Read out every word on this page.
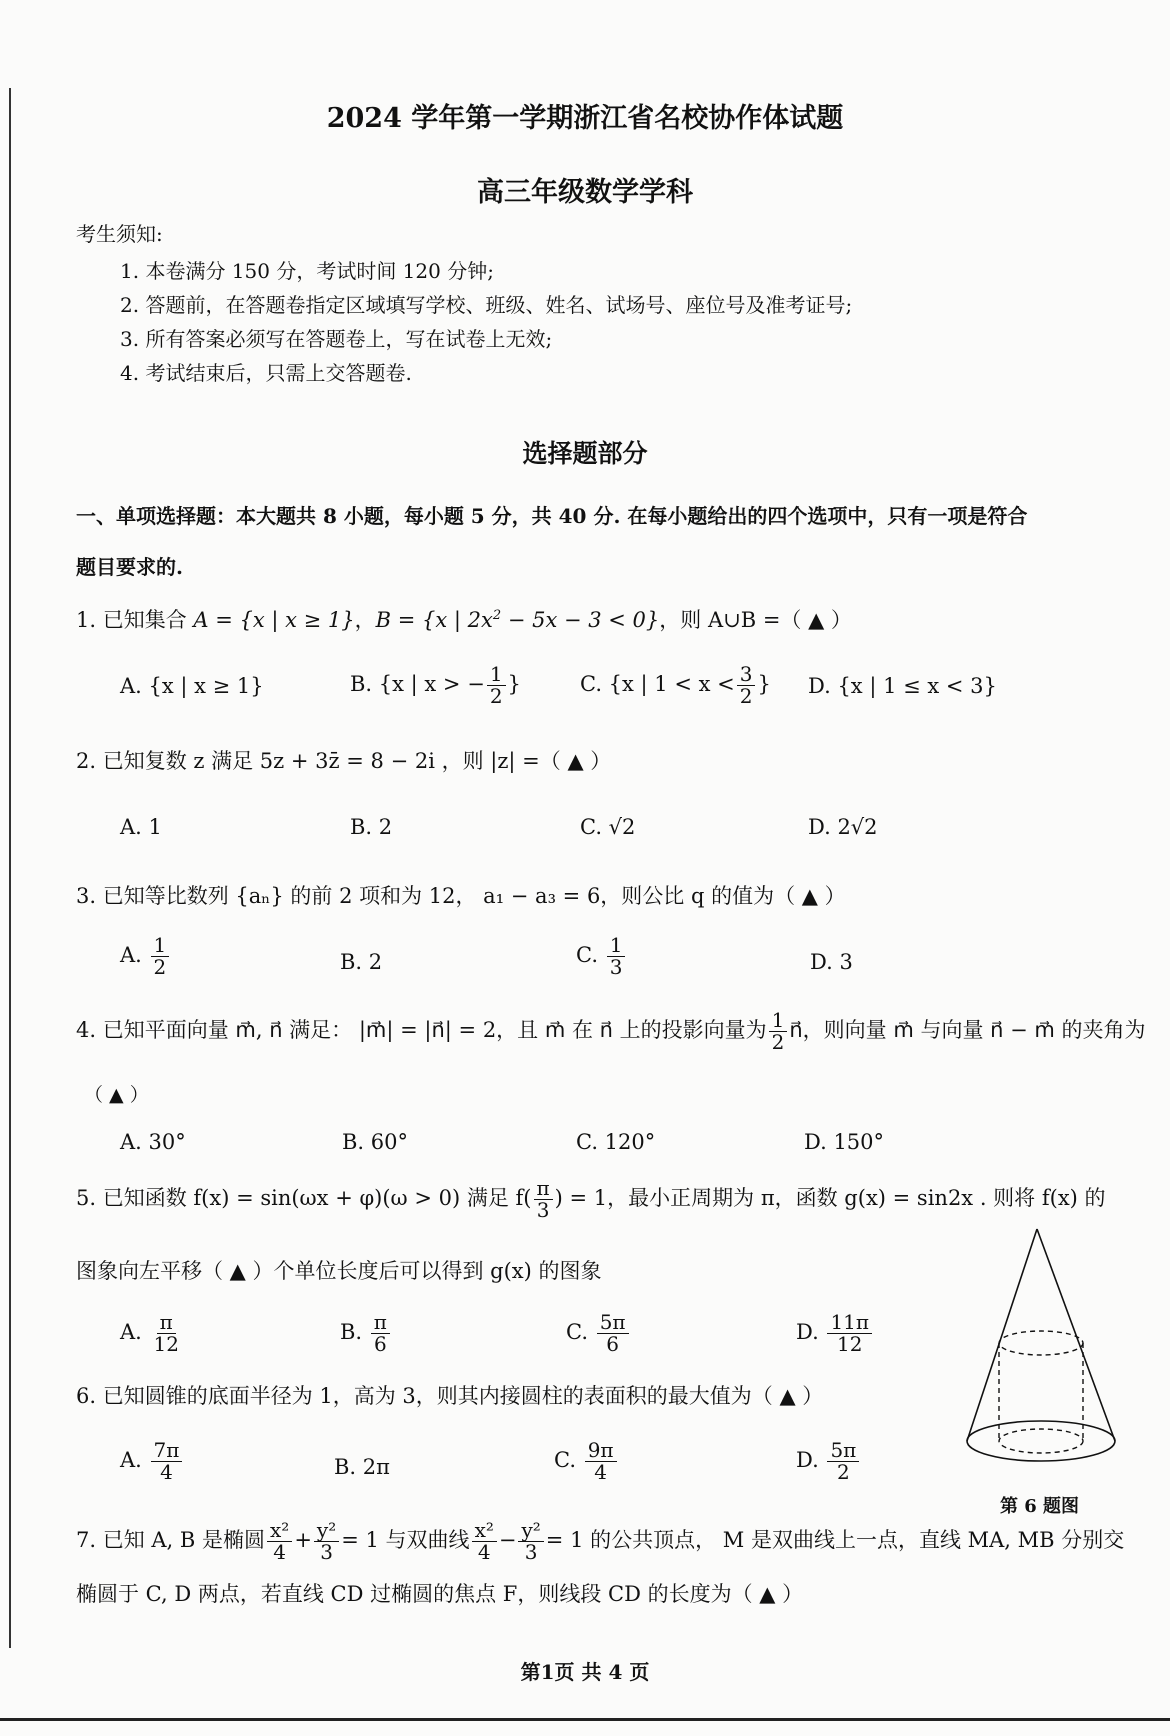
2024 学年第一学期浙江省名校协作体试题
高三年级数学学科
考生须知:
1. 本卷满分 150 分，考试时间 120 分钟;
2. 答题前，在答题卷指定区域填写学校、班级、姓名、试场号、座位号及准考证号;
3. 所有答案必须写在答题卷上，写在试卷上无效;
4. 考试结束后，只需上交答题卷.
选择题部分
一、单项选择题：本大题共 8 小题，每小题 5 分，共 40 分. 在每小题给出的四个选项中，只有一项是符合
题目要求的.
1. 已知集合 A = {x | x ≥ 1}，B = {x | $2x^2 - 5x - 3 < 0$}，则 A∪B =（ ▲ ）
A. {x | x ≥ 1}	B. {x | x > − $\frac{1}{2}$ }	C. {x | $1 < x < \frac{3}{2}$ } D. {x | 1 ≤ x < 3}
2. 已知复数 z 满足 5z + 3z̄ = 8 − 2i ，则 |z| =（ ▲ ）
A. 1	B. 2	C. √2	D. 2√2
3. 已知等比数列 {aₙ} 的前 2 项和为 12， a₁ − a₃ = 6，则公比 q 的值为（ ▲ ）
A. $\frac{1}{2}$	B. 2	C. $\frac{1}{3}$	D. 3
4. 已知平面向量 m⃗, n⃗ 满足： |m⃗| = |n⃗| = 2，且 m⃗ 在 n⃗ 上的投影向量为 $\frac{1}{2}$ n⃗，则向量 m⃗ 与向量 n⃗ − m⃗ 的夹角为
（ ▲ ）
A. 30°	B. 60°	C. 120°	D. 150°
5. 已知函数 f(x) = sin(ωx + φ)(ω > 0) 满足 $f( \frac{\pi}{3}$ ) = 1，最小正周期为 π，函数 g(x) = sin2x . 则将 f(x) 的
图象向左平移（ ▲ ）个单位长度后可以得到 g(x) 的图象
A. $\frac{\pi}{12}$	B. $\frac{\pi}{6}$	C. $\frac{5\pi}{6}$	D. $\frac{11\pi}{12}$
6. 已知圆锥的底面半径为 1，高为 3，则其内接圆柱的表面积的最大值为（ ▲ ）
A. $\frac{7\pi}{4}$	B. 2π	C. $\frac{9\pi}{4}$	D. $\frac{5\pi}{2}$
第 6 题图
7. 已知 A, B 是椭圆 $\frac{\text{x²}}{4} + \frac{\text{y²}}{3} = 1$ 与双曲线 $\frac{\text{x²}}{4} - \frac{\text{y²}}{3} = 1$ 的公共顶点， M 是双曲线上一点，直线 MA, MB 分别交
椭圆于 C, D 两点，若直线 CD 过椭圆的焦点 F，则线段 CD 的长度为（ ▲ ）
第1页 共 4 页
